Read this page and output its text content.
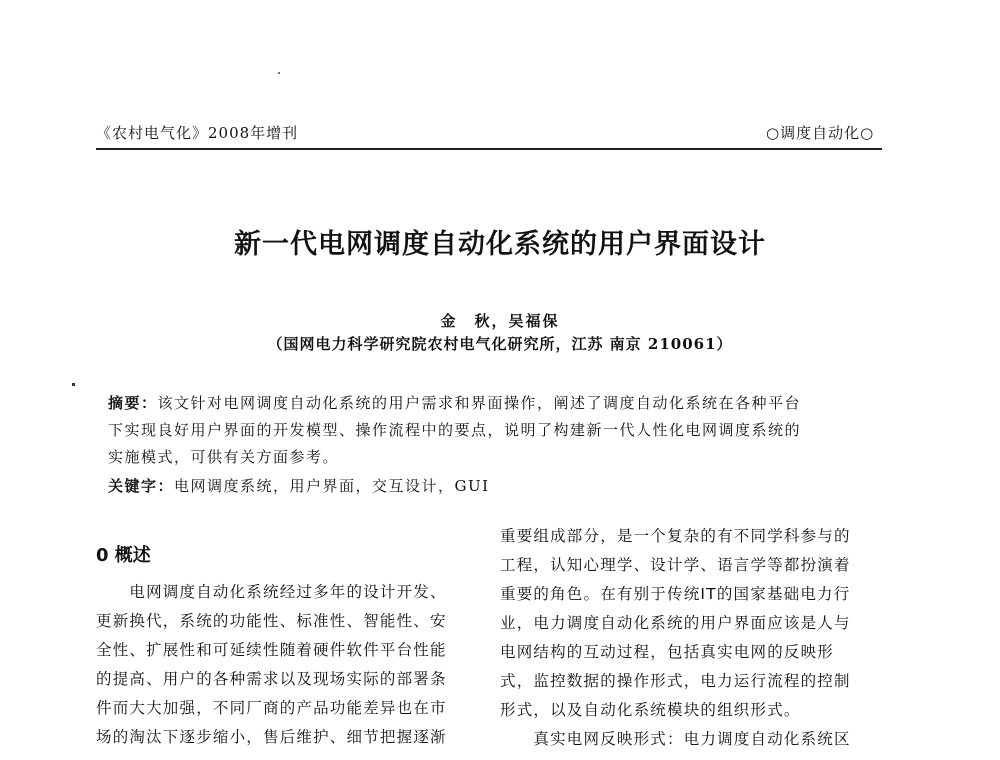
《农村电气化》2008年增刊	○调度自动化○
新一代电网调度自动化系统的用户界面设计
金　秋，吴福保
（国网电力科学研究院农村电气化研究所，江苏 南京 210061）
摘要：该文针对电网调度自动化系统的用户需求和界面操作，阐述了调度自动化系统在各种平台
下实现良好用户界面的开发模型、操作流程中的要点，说明了构建新一代人性化电网调度系统的
实施模式，可供有关方面参考。
关键字：电网调度系统，用户界面，交互设计，GUI
0 概述
　　电网调度自动化系统经过多年的设计开发、
更新换代，系统的功能性、标准性、智能性、安
全性、扩展性和可延续性随着硬件软件平台性能
的提高、用户的各种需求以及现场实际的部署条
件而大大加强，不同厂商的产品功能差异也在市
场的淘汰下逐步缩小，售后维护、细节把握逐渐
重要组成部分，是一个复杂的有不同学科参与的
工程，认知心理学、设计学、语言学等都扮演着
重要的角色。在有别于传统IT的国家基础电力行
业，电力调度自动化系统的用户界面应该是人与
电网结构的互动过程，包括真实电网的反映形
式，监控数据的操作形式，电力运行流程的控制
形式，以及自动化系统模块的组织形式。
　　真实电网反映形式：电力调度自动化系统区
